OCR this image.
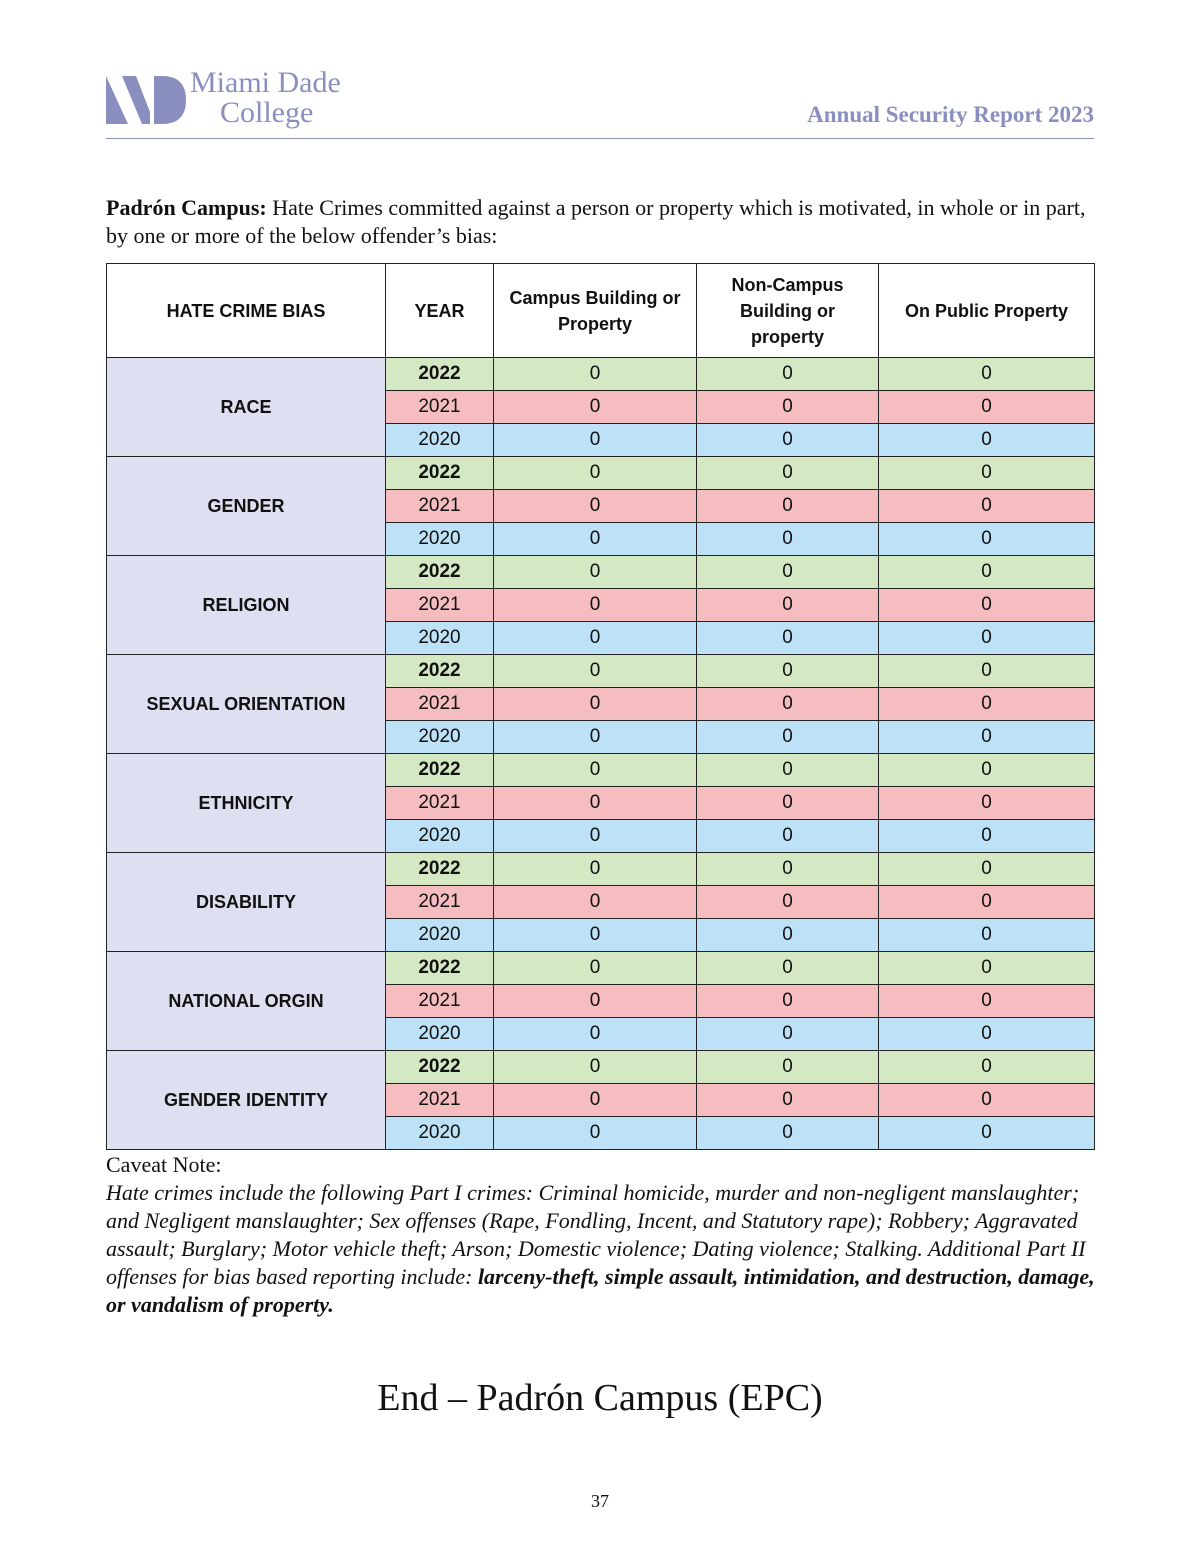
Miami Dade
College	Annual Security Report 2023
Padrón Campus: Hate Crimes committed against a person or property which is motivated, in whole or in part, by one or more of the below offender’s bias:
HATE CRIME BIAS	YEAR	Campus Building or Property	Non-Campus Building or property	On Public Property
RACE	2022	0	0	0
	2021	0	0	0
	2020	0	0	0
GENDER	2022	0	0	0
	2021	0	0	0
	2020	0	0	0
RELIGION	2022	0	0	0
	2021	0	0	0
	2020	0	0	0
SEXUAL ORIENTATION	2022	0	0	0
	2021	0	0	0
	2020	0	0	0
ETHNICITY	2022	0	0	0
	2021	0	0	0
	2020	0	0	0
DISABILITY	2022	0	0	0
	2021	0	0	0
	2020	0	0	0
NATIONAL ORGIN	2022	0	0	0
	2021	0	0	0
	2020	0	0	0
GENDER IDENTITY	2022	0	0	0
	2021	0	0	0
	2020	0	0	0
Caveat Note:
Hate crimes include the following Part I crimes: Criminal homicide, murder and non-negligent manslaughter; and Negligent manslaughter; Sex offenses (Rape, Fondling, Incent, and Statutory rape); Robbery; Aggravated assault; Burglary; Motor vehicle theft; Arson; Domestic violence; Dating violence; Stalking. Additional Part II offenses for bias based reporting include: larceny-theft, simple assault, intimidation, and destruction, damage, or vandalism of property.
End – Padrón Campus (EPC)
37
